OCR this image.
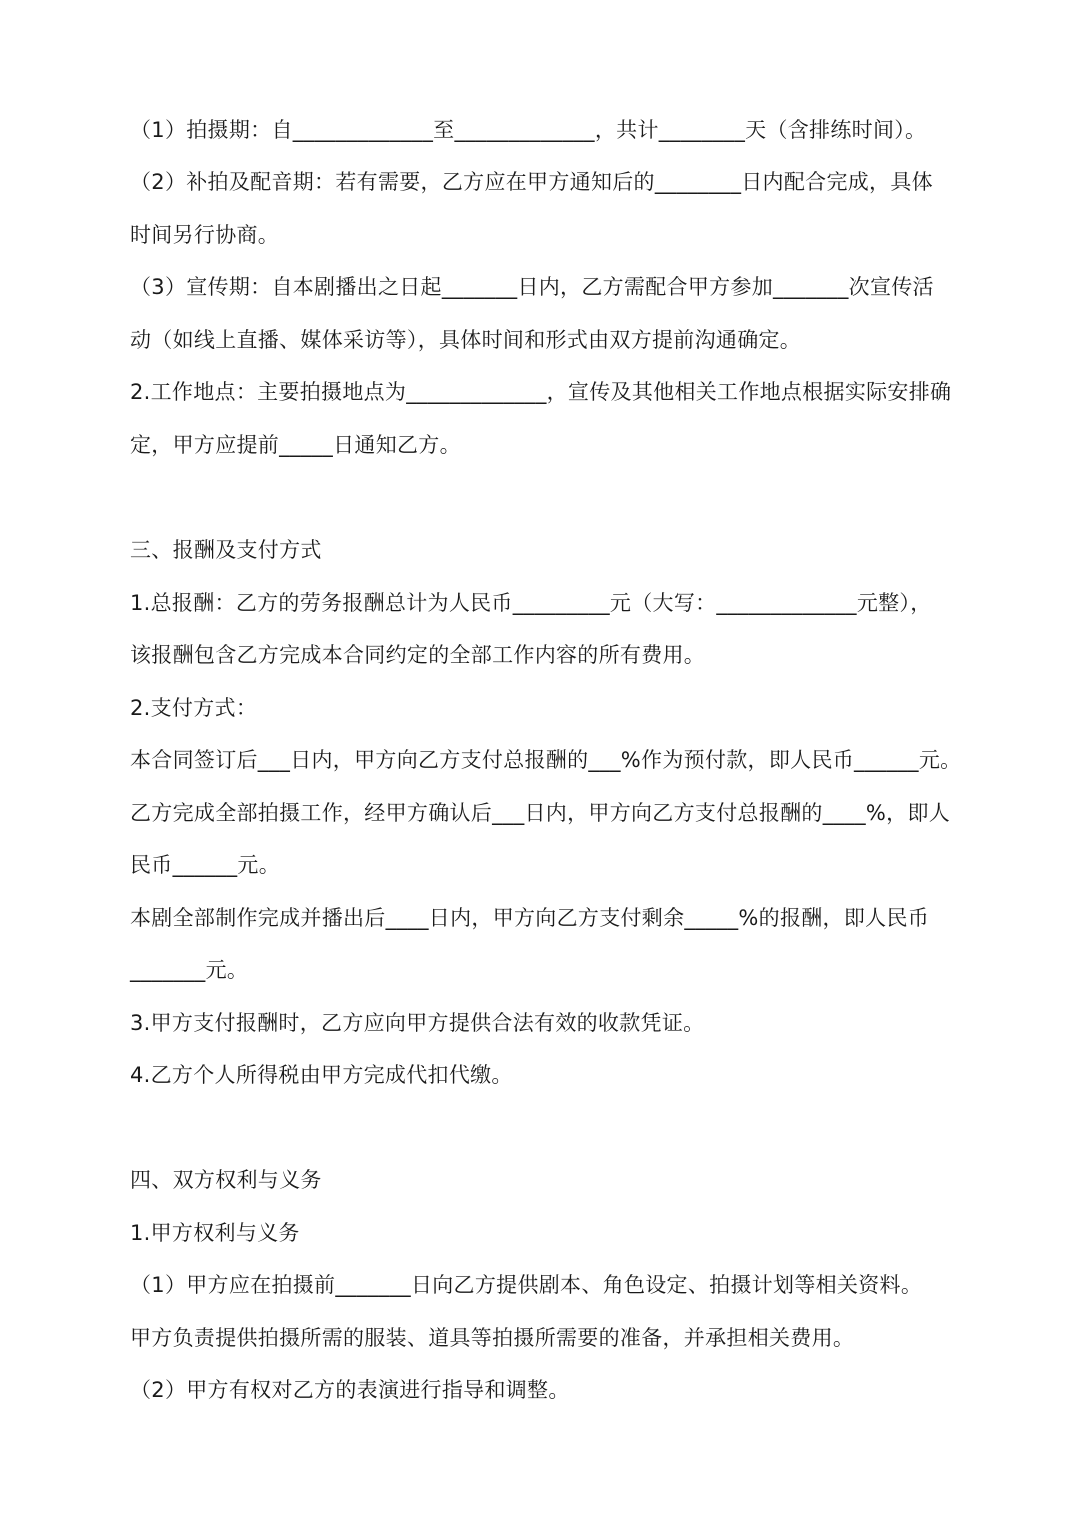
（1）拍摄期：自_____________至_____________，共计________天（含排练时间）。
（2）补拍及配音期：若有需要，乙方应在甲方通知后的________日内配合完成，具体
时间另行协商。
（3）宣传期：自本剧播出之日起_______日内，乙方需配合甲方参加_______次宣传活
动（如线上直播、媒体采访等），具体时间和形式由双方提前沟通确定。
2.工作地点：主要拍摄地点为_____________，宣传及其他相关工作地点根据实际安排确
定，甲方应提前_____日通知乙方。
三、报酬及支付方式
1.总报酬：乙方的劳务报酬总计为人民币_________元（大写：_____________元整），
该报酬包含乙方完成本合同约定的全部工作内容的所有费用。
2.支付方式：
本合同签订后___日内，甲方向乙方支付总报酬的___%作为预付款，即人民币______元。
乙方完成全部拍摄工作，经甲方确认后___日内，甲方向乙方支付总报酬的____%，即人
民币______元。
本剧全部制作完成并播出后____日内，甲方向乙方支付剩余_____%的报酬，即人民币
_______元。
3.甲方支付报酬时，乙方应向甲方提供合法有效的收款凭证。
4.乙方个人所得税由甲方完成代扣代缴。
四、双方权利与义务
1.甲方权利与义务
（1）甲方应在拍摄前_______日向乙方提供剧本、角色设定、拍摄计划等相关资料。
甲方负责提供拍摄所需的服装、道具等拍摄所需要的准备，并承担相关费用。
（2）甲方有权对乙方的表演进行指导和调整。
